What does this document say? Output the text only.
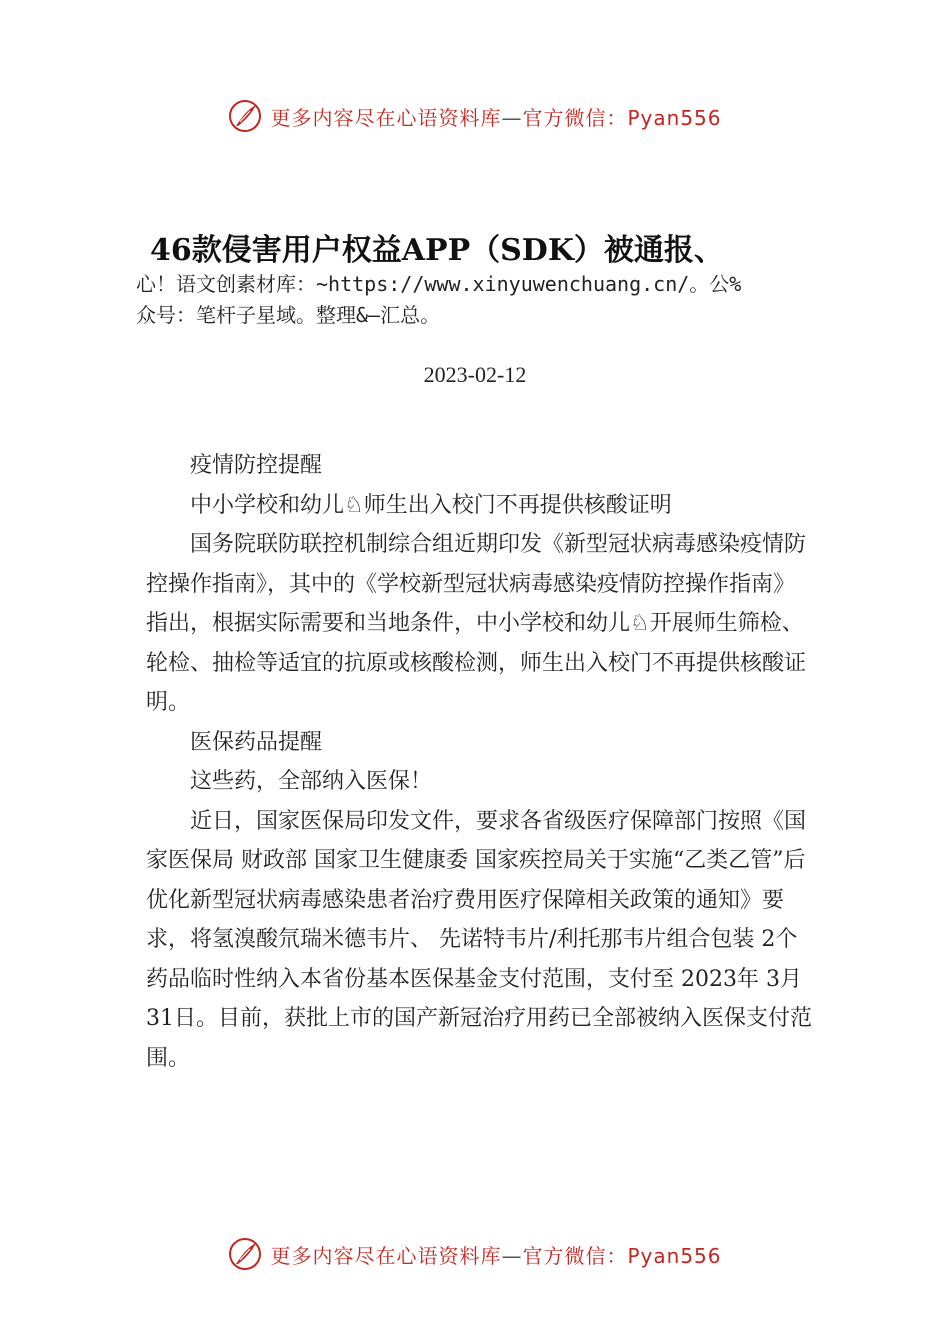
更多内容尽在心语资料库—官方微信：Pyan556
46款侵害用户权益APP（SDK）被通报、
心！语文创素材库：~https://www.xinyuwenchuang.cn/。公%
众号：笔杆子星域。整理&—汇总。
2023-02-12

疫情防控提醒

中小学校和幼儿♘师生出入校门不再提供核酸证明

国务院联防联控机制综合组近期印发《新型冠状病毒感染疫情防控操作指南》，其中的《学校新型冠状病毒感染疫情防控操作指南》指出，根据实际需要和当地条件，中小学校和幼儿♘开展师生筛检、轮检、抽检等适宜的抗原或核酸检测，师生出入校门不再提供核酸证明。

医保药品提醒

这些药，全部纳入医保！

近日，国家医保局印发文件，要求各省级医疗保障部门按照《国家医保局 财政部 国家卫生健康委 国家疾控局关于实施“乙类乙管”后优化新型冠状病毒感染患者治疗费用医疗保障相关政策的通知》要求，将氢溴酸氘瑞米德韦片、 先诺特韦片/利托那韦片组合包装 2个药品临时性纳入本省份基本医保基金支付范围，支付至 2023年 3月 31日。目前，获批上市的国产新冠治疗用药已全部被纳入医保支付范围。

更多内容尽在心语资料库—官方微信：Pyan556
